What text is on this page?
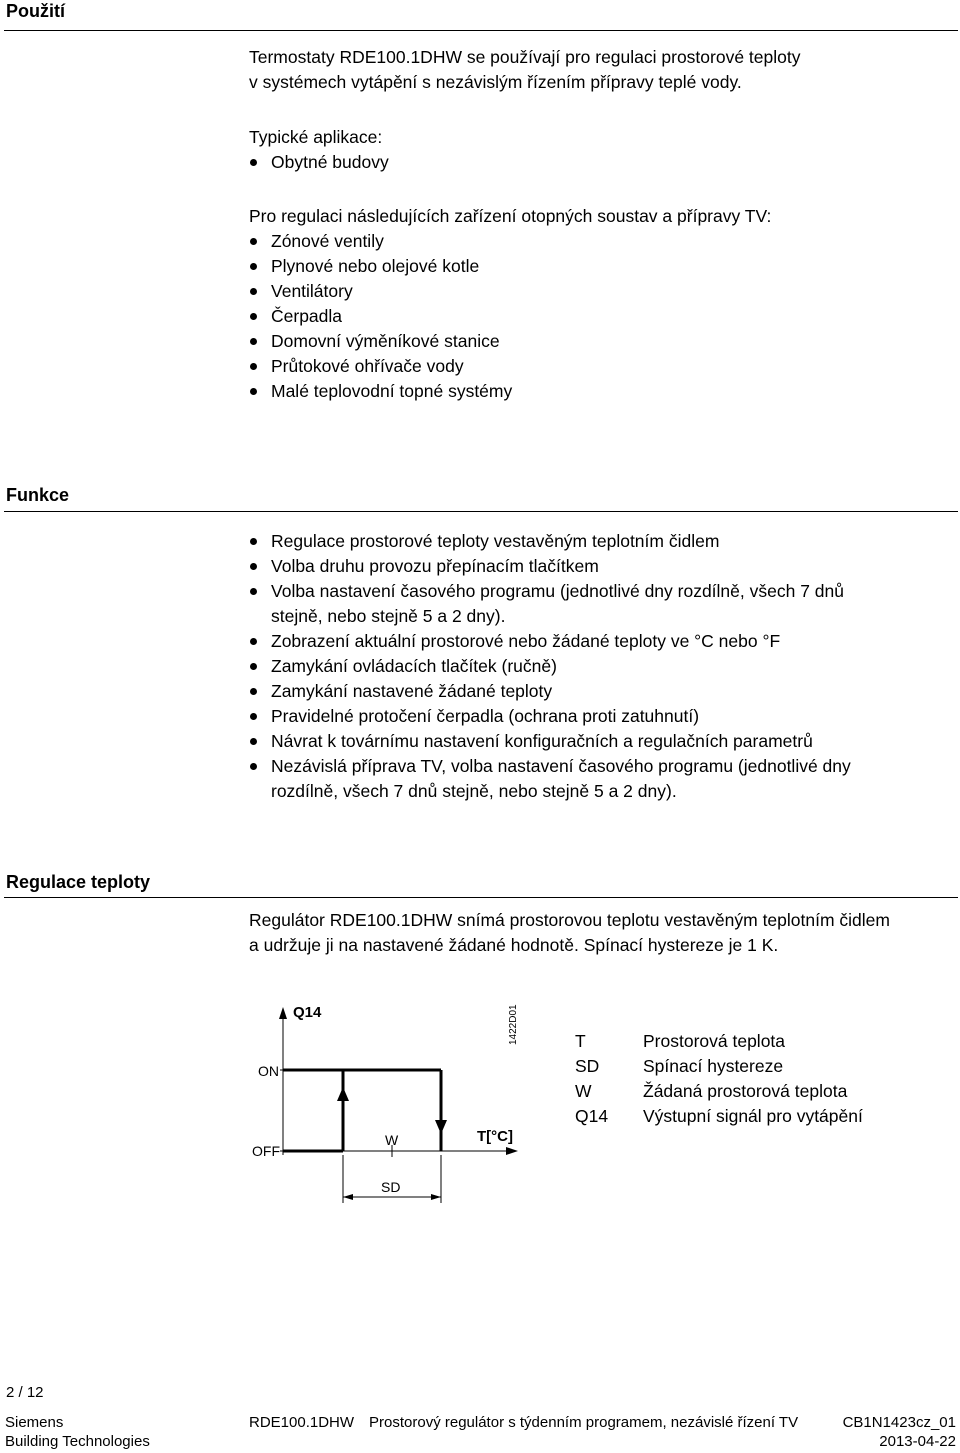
Použití
Termostaty RDE100.1DHW se používají pro regulaci prostorové teploty
v systémech vytápění s nezávislým řízením přípravy teplé vody.
Typické aplikace:
Obytné budovy
Pro regulaci následujících zařízení otopných soustav a přípravy TV:
Zónové ventily
Plynové nebo olejové kotle
Ventilátory
Čerpadla
Domovní výměníkové stanice
Průtokové ohřívače vody
Malé teplovodní topné systémy
Funkce
Regulace prostorové teploty vestavěným teplotním čidlem
Volba druhu provozu přepínacím tlačítkem
Volba nastavení časového programu (jednotlivé dny rozdílně, všech 7 dnů
stejně, nebo stejně 5 a 2 dny).
Zobrazení aktuální prostorové nebo žádané teploty ve °C nebo °F
Zamykání ovládacích tlačítek (ručně)
Zamykání nastavené žádané teploty
Pravidelné protočení čerpadla (ochrana proti zatuhnutí)
Návrat k továrnímu nastavení konfiguračních a regulačních parametrů
Nezávislá příprava TV, volba nastavení časového programu (jednotlivé dny
rozdílně, všech 7 dnů stejně, nebo stejně 5 a 2 dny).
Regulace teploty
Regulátor RDE100.1DHW snímá prostorovou teplotu vestavěným teplotním čidlem
a udržuje ji na nastavené žádané hodnotě. Spínací hystereze je 1 K.
Q14
ON
OFF
W	T[°C]
SD
1422D01	T	Prostorová teplota
SD	Spínací hystereze
W	Žádaná prostorová teplota
Q14	Výstupní signál pro vytápění
2 / 12
Siemens
Building Technologies
RDE100.1DHW Prostorový regulátor s týdenním programem, nezávislé řízení TV	CB1N1423cz_01
2013-04-22
